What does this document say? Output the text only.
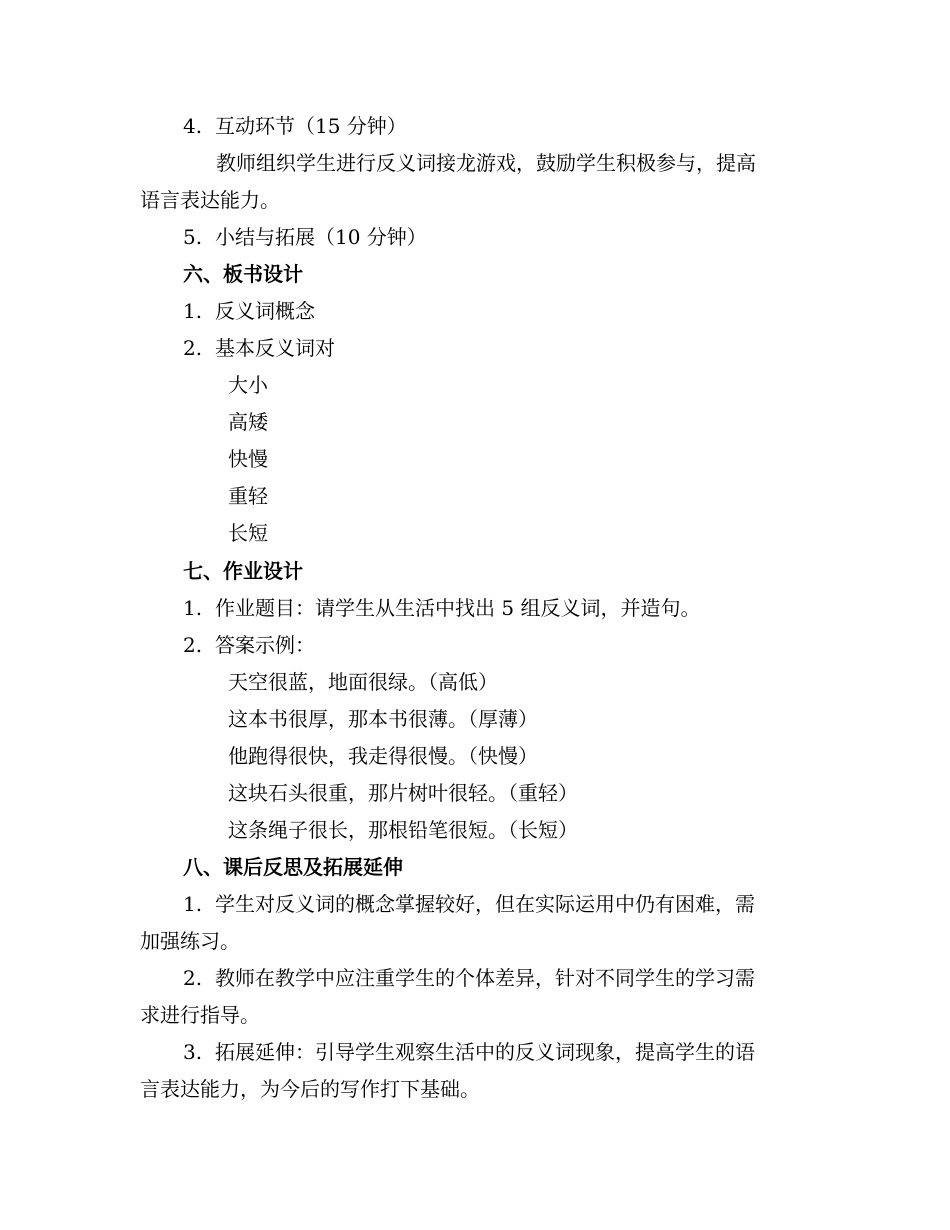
4. 互动环节（15 分钟）
教师组织学生进行反义词接龙游戏，鼓励学生积极参与，提高
语言表达能力。
5. 小结与拓展（10 分钟）
六、板书设计
1. 反义词概念
2. 基本反义词对
大小
高矮
快慢
重轻
长短
七、作业设计
1. 作业题目：请学生从生活中找出 5 组反义词，并造句。
2. 答案示例：
天空很蓝，地面很绿。（高低）
这本书很厚，那本书很薄。（厚薄）
他跑得很快，我走得很慢。（快慢）
这块石头很重，那片树叶很轻。（重轻）
这条绳子很长，那根铅笔很短。（长短）
八、课后反思及拓展延伸
1. 学生对反义词的概念掌握较好，但在实际运用中仍有困难，需
加强练习。
2. 教师在教学中应注重学生的个体差异，针对不同学生的学习需
求进行指导。
3. 拓展延伸：引导学生观察生活中的反义词现象，提高学生的语
言表达能力，为今后的写作打下基础。
